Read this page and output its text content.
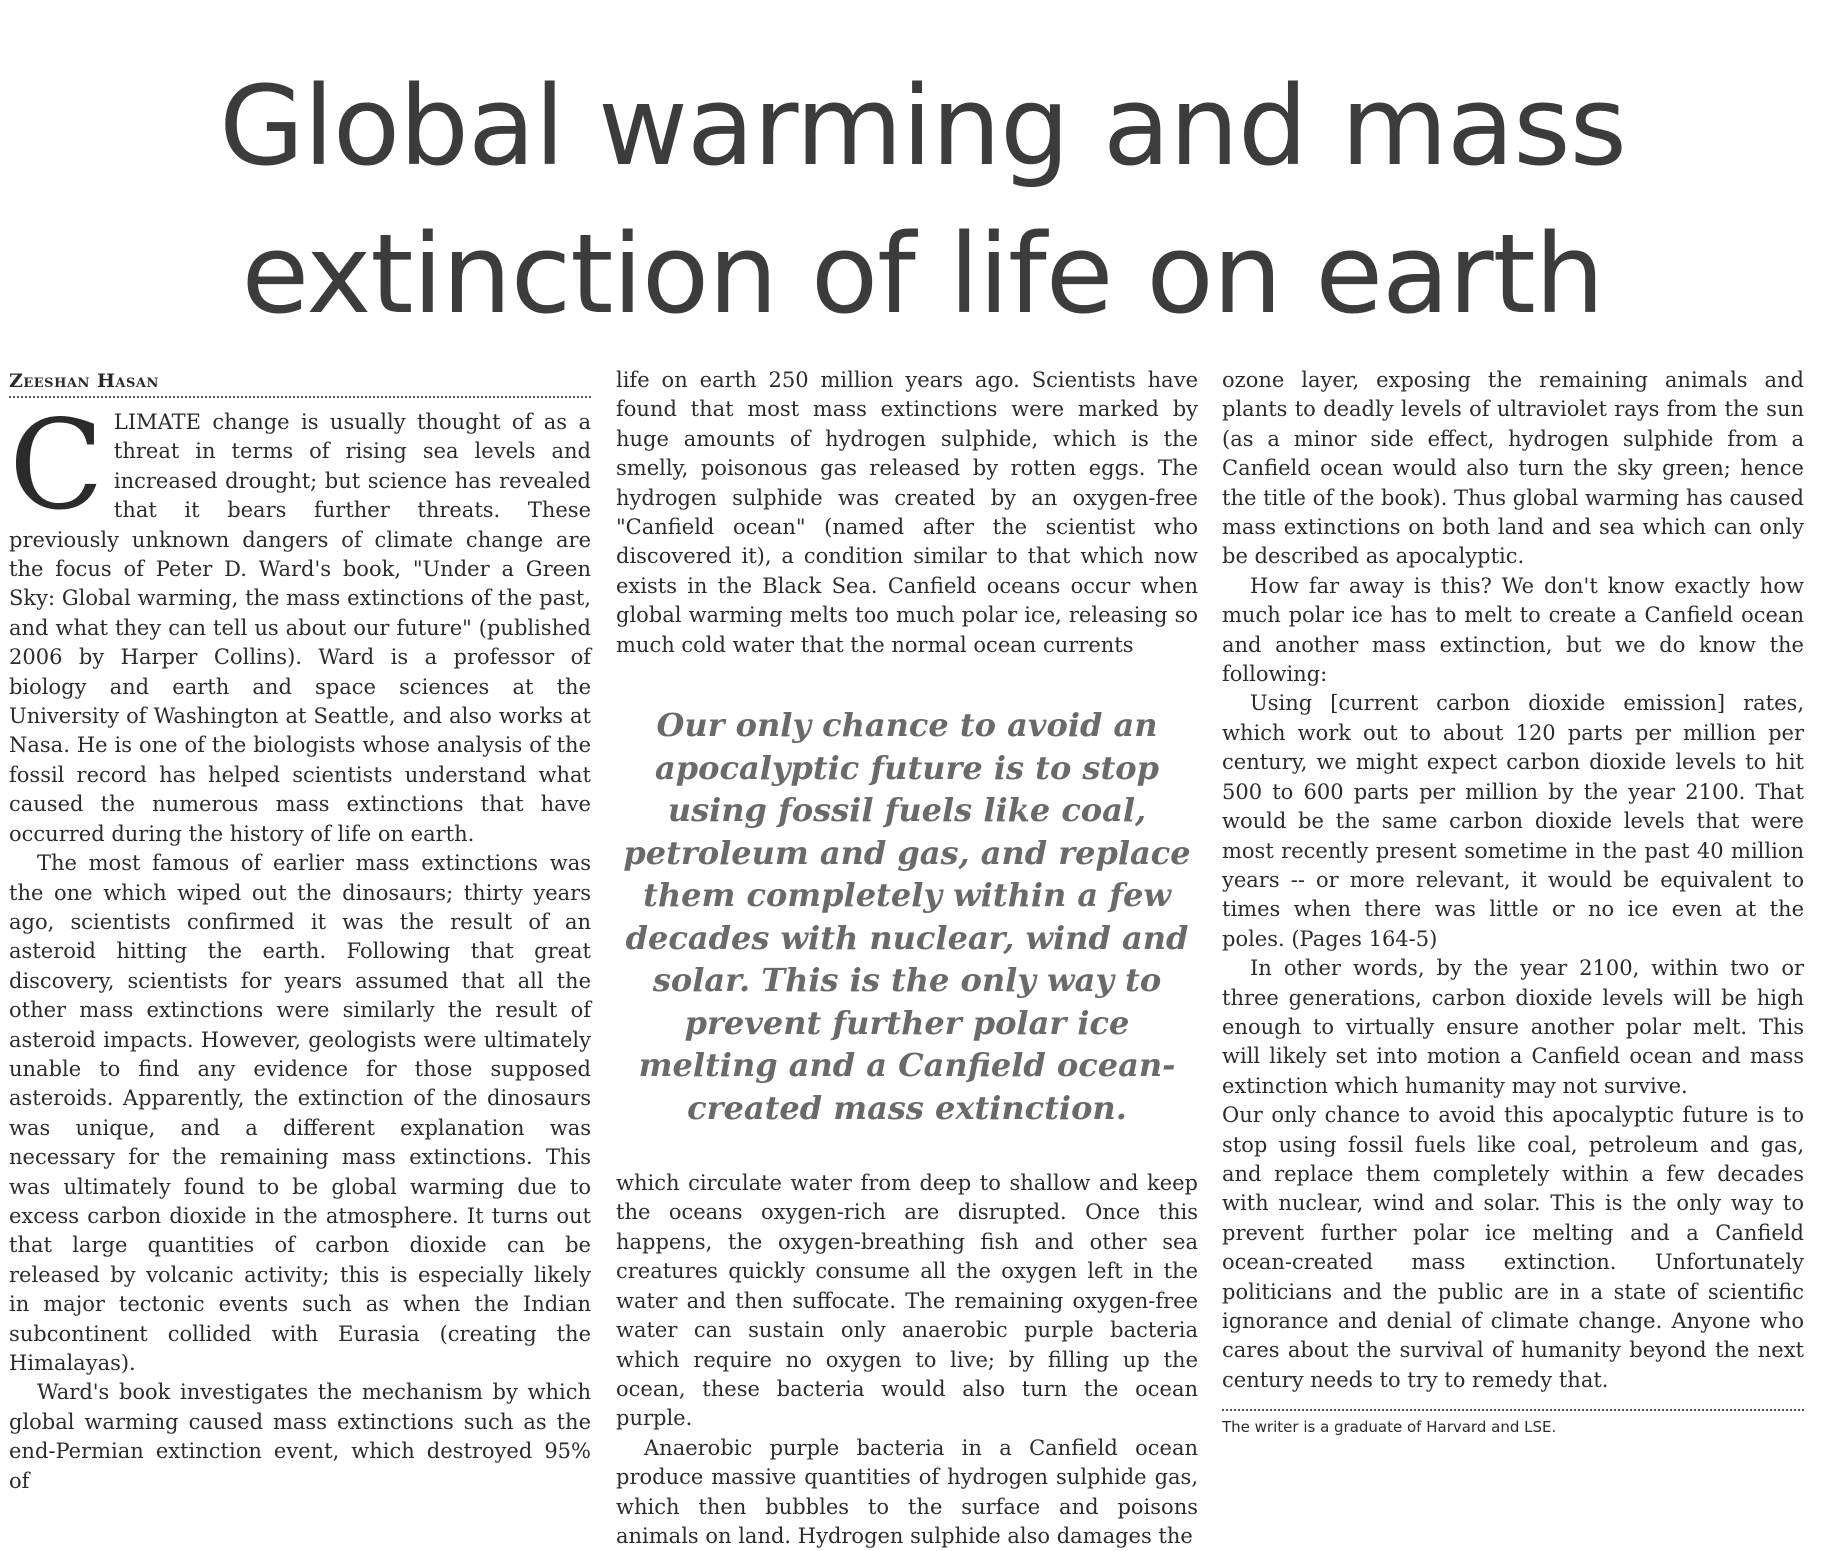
Global warming and mass
extinction of life on earth
Zeeshan Hasan

CLIMATE change is usually thought of as a threat in terms of rising sea levels and increased drought; but science has revealed that it bears further threats. These previously unknown dangers of climate change are the focus of Peter D. Ward's book, "Under a Green Sky: Global warming, the mass extinctions of the past, and what they can tell us about our future" (published 2006 by Harper Collins). Ward is a professor of biology and earth and space sciences at the University of Washington at Seattle, and also works at Nasa. He is one of the biologists whose analysis of the fossil record has helped scientists understand what caused the numerous mass extinctions that have occurred during the history of life on earth.

The most famous of earlier mass extinctions was the one which wiped out the dinosaurs; thirty years ago, scientists confirmed it was the result of an asteroid hitting the earth. Following that great discovery, scientists for years assumed that all the other mass extinctions were similarly the result of asteroid impacts. However, geologists were ultimately unable to find any evidence for those supposed asteroids. Apparently, the extinction of the dinosaurs was unique, and a different explanation was necessary for the remaining mass extinctions. This was ultimately found to be global warming due to excess carbon dioxide in the atmosphere. It turns out that large quantities of carbon dioxide can be released by volcanic activity; this is especially likely in major tectonic events such as when the Indian subcontinent collided with Eurasia (creating the Himalayas).

Ward's book investigates the mechanism by which global warming caused mass extinctions such as the end-Permian extinction event, which destroyed 95% of

life on earth 250 million years ago. Scientists have found that most mass extinctions were marked by huge amounts of hydrogen sulphide, which is the smelly, poisonous gas released by rotten eggs. The hydrogen sulphide was created by an oxygen-free "Canfield ocean" (named after the scientist who discovered it), a condition similar to that which now exists in the Black Sea. Canfield oceans occur when global warming melts too much polar ice, releasing so much cold water that the normal ocean currents

Our only chance to avoid an apocalyptic future is to stop using fossil fuels like coal, petroleum and gas, and replace them completely within a few decades with nuclear, wind and solar. This is the only way to prevent further polar ice melting and a Canfield ocean-created mass extinction.

which circulate water from deep to shallow and keep the oceans oxygen-rich are disrupted. Once this happens, the oxygen-breathing fish and other sea creatures quickly consume all the oxygen left in the water and then suffocate. The remaining oxygen-free water can sustain only anaerobic purple bacteria which require no oxygen to live; by filling up the ocean, these bacteria would also turn the ocean purple.

Anaerobic purple bacteria in a Canfield ocean produce massive quantities of hydrogen sulphide gas, which then bubbles to the surface and poisons animals on land. Hydrogen sulphide also damages the

ozone layer, exposing the remaining animals and plants to deadly levels of ultraviolet rays from the sun (as a minor side effect, hydrogen sulphide from a Canfield ocean would also turn the sky green; hence the title of the book). Thus global warming has caused mass extinctions on both land and sea which can only be described as apocalyptic.

How far away is this? We don't know exactly how much polar ice has to melt to create a Canfield ocean and another mass extinction, but we do know the following:

Using [current carbon dioxide emission] rates, which work out to about 120 parts per million per century, we might expect carbon dioxide levels to hit 500 to 600 parts per million by the year 2100. That would be the same carbon dioxide levels that were most recently present sometime in the past 40 million years -- or more relevant, it would be equivalent to times when there was little or no ice even at the poles. (Pages 164-5)

In other words, by the year 2100, within two or three generations, carbon dioxide levels will be high enough to virtually ensure another polar melt. This will likely set into motion a Canfield ocean and mass extinction which humanity may not survive.

Our only chance to avoid this apocalyptic future is to stop using fossil fuels like coal, petroleum and gas, and replace them completely within a few decades with nuclear, wind and solar. This is the only way to prevent further polar ice melting and a Canfield ocean-created mass extinction. Unfortunately politicians and the public are in a state of scientific ignorance and denial of climate change. Anyone who cares about the survival of humanity beyond the next century needs to try to remedy that.

The writer is a graduate of Harvard and LSE.
